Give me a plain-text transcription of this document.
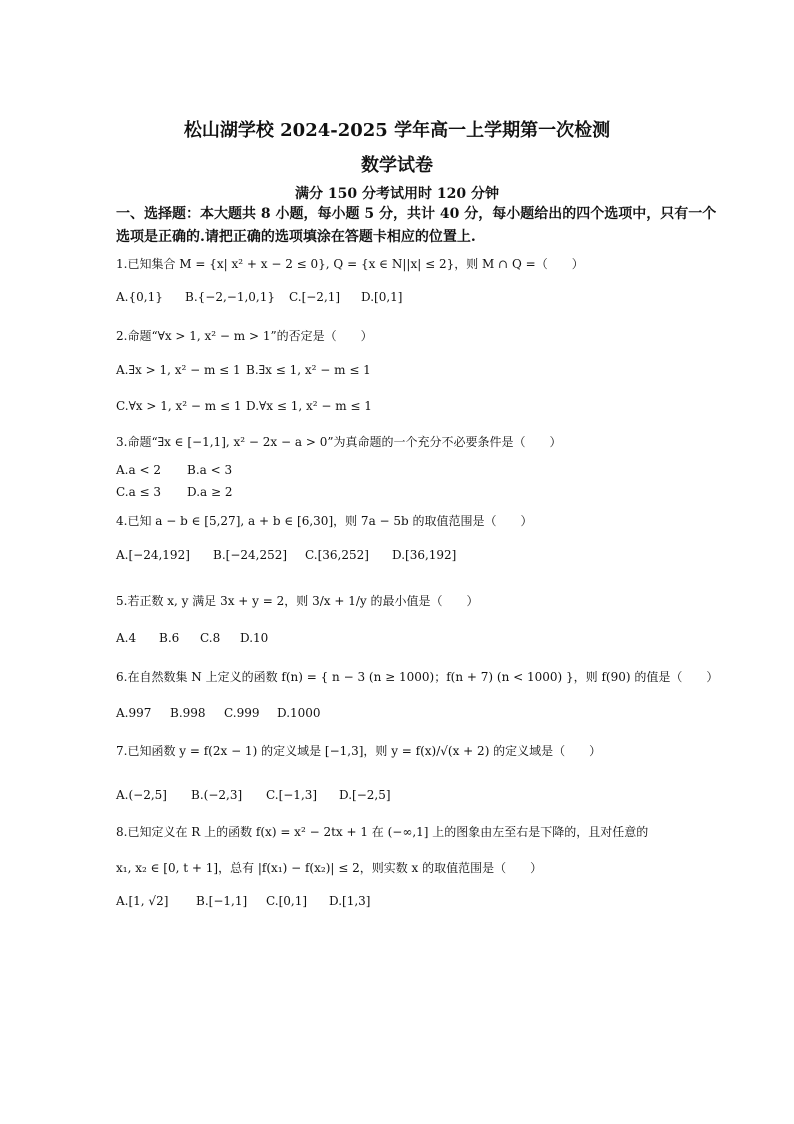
松山湖学校 2024-2025 学年高一上学期第一次检测
数学试卷
满分 150 分考试用时 120 分钟
一、选择题：本大题共 8 小题，每小题 5 分，共计 40 分，每小题给出的四个选项中，只有一个
选项是正确的.请把正确的选项填涂在答题卡相应的位置上.
1.已知集合 M = {x| x² + x − 2 ≤ 0}, Q = {x ∈ N||x| ≤ 2}，则 M ∩ Q =（　　）
A.{0,1} B.{−2,−1,0,1} C.[−2,1] D.[0,1]
2.命题“∀x > 1, x² − m > 1”的否定是（　　）
A.∃x > 1, x² − m ≤ 1 B.∃x ≤ 1, x² − m ≤ 1
C.∀x > 1, x² − m ≤ 1 D.∀x ≤ 1, x² − m ≤ 1
3.命题“∃x ∈ [−1,1], x² − 2x − a > 0”为真命题的一个充分不必要条件是（　　）
A.a < 2 B.a < 3
C.a ≤ 3 D.a ≥ 2
4.已知 a − b ∈ [5,27], a + b ∈ [6,30]，则 7a − 5b 的取值范围是（　　）
A.[−24,192] B.[−24,252] C.[36,252] D.[36,192]
5.若正数 x, y 满足 3x + y = 2，则 3/x + 1/y 的最小值是（　　）
A.4 B.6 C.8 D.10
6.在自然数集 N 上定义的函数 f(n) = { n − 3 (n ≥ 1000)；f(n + 7) (n < 1000) }，则 f(90) 的值是（　　）
A.997 B.998 C.999 D.1000
7.已知函数 y = f(2x − 1) 的定义域是 [−1,3]，则 y = f(x)/√(x + 2) 的定义域是（　　）
A.(−2,5] B.(−2,3] C.[−1,3] D.[−2,5]
8.已知定义在 R 上的函数 f(x) = x² − 2tx + 1 在 (−∞,1] 上的图象由左至右是下降的，且对任意的
x₁, x₂ ∈ [0, t + 1]，总有 |f(x₁) − f(x₂)| ≤ 2，则实数 x 的取值范围是（　　）
A.[1, √2] B.[−1,1] C.[0,1] D.[1,3]
